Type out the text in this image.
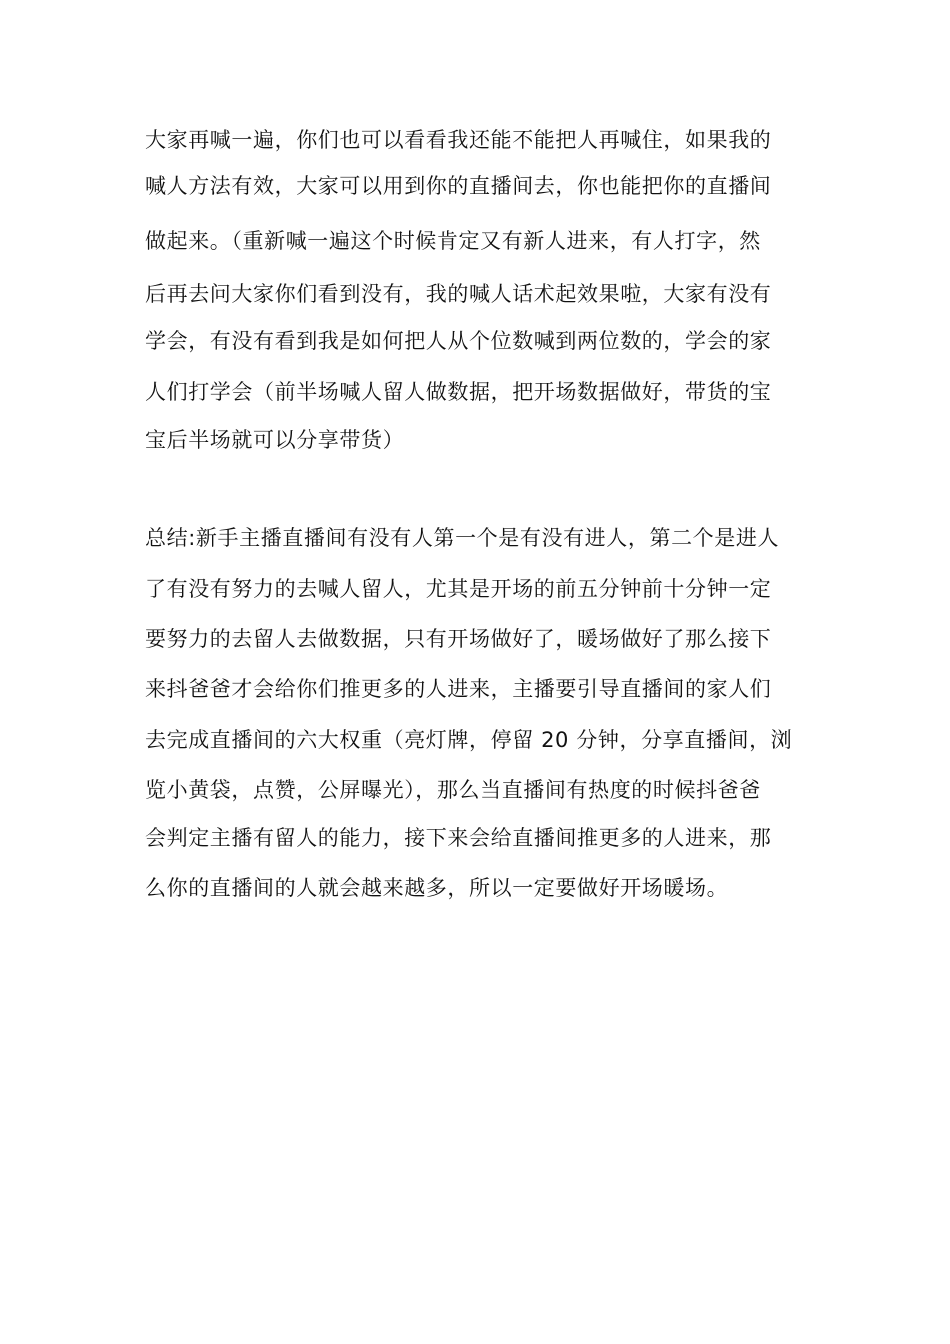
大家再喊一遍，你们也可以看看我还能不能把人再喊住，如果我的
喊人方法有效，大家可以用到你的直播间去，你也能把你的直播间
做起来。（重新喊一遍这个时候肯定又有新人进来，有人打字，然
后再去问大家你们看到没有，我的喊人话术起效果啦，大家有没有
学会，有没有看到我是如何把人从个位数喊到两位数的，学会的家
人们打学会（前半场喊人留人做数据，把开场数据做好，带货的宝
宝后半场就可以分享带货）
总结:新手主播直播间有没有人第一个是有没有进人，第二个是进人
了有没有努力的去喊人留人，尤其是开场的前五分钟前十分钟一定
要努力的去留人去做数据，只有开场做好了，暖场做好了那么接下
来抖爸爸才会给你们推更多的人进来，主播要引导直播间的家人们
去完成直播间的六大权重（亮灯牌，停留 20 分钟，分享直播间，浏
览小黄袋，点赞，公屏曝光），那么当直播间有热度的时候抖爸爸
会判定主播有留人的能力，接下来会给直播间推更多的人进来，那
么你的直播间的人就会越来越多，所以一定要做好开场暖场。
